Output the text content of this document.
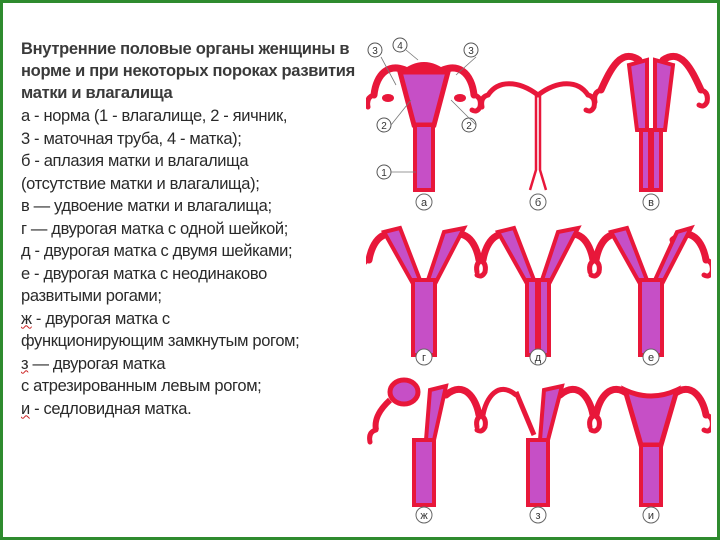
Внутренние половые органы женщины в
норме и при некоторых пороках развития
матки и влагалища
а - норма (1 - влагалище, 2 - яичник,
3 - маточная труба, 4 - матка);
б - аплазия матки и влагалища
(отсутствие матки и влагалища);
в — удвоение матки и влагалища;
г — двурогая матка с одной шейкой;
д - двурогая матка с двумя шейками;
е - двурогая матка с неодинаково
развитыми рогами;
ж - двурогая матка с
функционирующим замкнутым рогом;
з — двурогая матка
с атрезированным левым рогом;
и - седловидная матка.
1
2	2
3	3
4
а	б	в
г	д	е
ж	з	и
